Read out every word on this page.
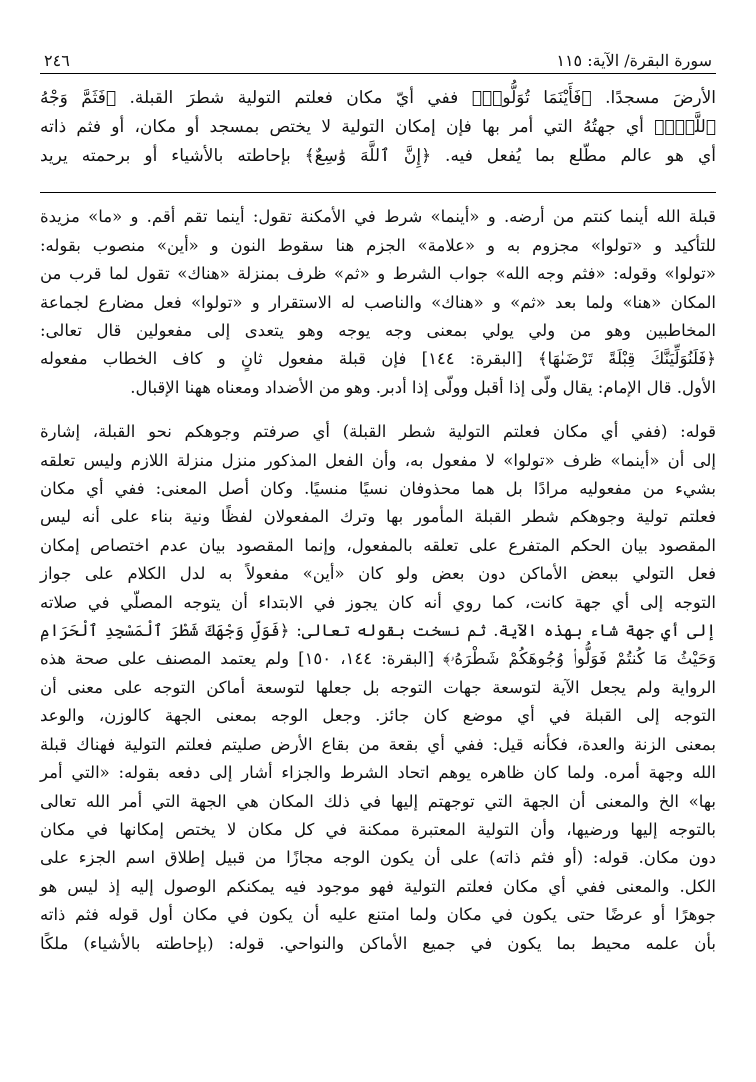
سورة البقرة/ الآية: ١١٥
٢٤٦

الأرضَ مسجدًا. ﴿فَأَيْنَمَا تُوَلُّوا۟﴾ ففي أيّ مكان فعلتم التولية شطرَ القبلة. ﴿فَثَمَّ وَجْهُ

ٱللَّهِۚ﴾ أي جهتُهُ التي أمر بها فإن إمكان التولية لا يختص بمسجد أو مكان، أو فثم ذاته

أي هو عالم مطّلع بما يُفعل فيه. ﴿إِنَّ ٱللَّهَ وَٰسِعٌ﴾ بإحاطته بالأشياء أو برحمته يريد

قبلة الله أينما كنتم من أرضه. و «أينما» شرط في الأمكنة تقول: أينما تقم أقم. و «ما» مزيدة

للتأكيد و «تولوا» مجزوم به و «علامة» الجزم هنا سقوط النون و «أين» منصوب بقوله:

«تولوا» وقوله: «فثم وجه الله» جواب الشرط و «ثم» ظرف بمنزلة «هناك» تقول لما قرب من

المكان «هنا» ولما بعد «ثم» و «هناك» والناصب له الاستقرار و «تولوا» فعل مضارع لجماعة

المخاطبين وهو من ولي يولي بمعنى وجه يوجه وهو يتعدى إلى مفعولين قال تعالى:

﴿فَلَنُوَلِّيَنَّكَ قِبْلَةً تَرْضَىٰهَا﴾ [البقرة: ١٤٤] فإن قبلة مفعول ثانٍ و كاف الخطاب مفعوله

الأول. قال الإمام: يقال ولّى إذا أقبل وولّى إذا أدبر. وهو من الأضداد ومعناه ههنا الإقبال.

قوله: (ففي أي مكان فعلتم التولية شطر القبلة) أي صرفتم وجوهكم نحو القبلة، إشارة

إلى أن «أينما» ظرف «تولوا» لا مفعول به، وأن الفعل المذكور منزل منزلة اللازم وليس تعلقه

بشيء من مفعوليه مرادًا بل هما محذوفان نسيًا منسيًا. وكان أصل المعنى: ففي أي مكان

فعلتم تولية وجوهكم شطر القبلة المأمور بها وترك المفعولان لفظًا ونية بناء على أنه ليس

المقصود بيان الحكم المتفرع على تعلقه بالمفعول، وإنما المقصود بيان عدم اختصاص إمكان

فعل التولي ببعض الأماكن دون بعض ولو كان «أين» مفعولاً به لدل الكلام على جواز

التوجه إلى أي جهة كانت، كما روي أنه كان يجوز في الابتداء أن يتوجه المصلّي في صلاته

إلى أي جهة شاء بهذه الآية. ثم نسخت بقوله تعالى: ﴿فَوَلِّ وَجْهَكَ شَطْرَ ٱلْمَسْجِدِ ٱلْحَرَامِ

وَحَيْثُ مَا كُنتُمْ فَوَلُّوا۟ وُجُوهَكُمْ شَطْرَهُۥ﴾ [البقرة: ١٤٤، ١٥٠] ولم يعتمد المصنف على صحة هذه

الرواية ولم يجعل الآية لتوسعة جهات التوجه بل جعلها لتوسعة أماكن التوجه على معنى أن

التوجه إلى القبلة في أي موضع كان جائز. وجعل الوجه بمعنى الجهة كالوزن، والوعد

بمعنى الزنة والعدة، فكأنه قيل: ففي أي بقعة من بقاع الأرض صليتم فعلتم التولية فهناك قبلة

الله وجهة أمره. ولما كان ظاهره يوهم اتحاد الشرط والجزاء أشار إلى دفعه بقوله: «التي أمر

بها» الخ والمعنى أن الجهة التي توجهتم إليها في ذلك المكان هي الجهة التي أمر الله تعالى

بالتوجه إليها ورضيها، وأن التولية المعتبرة ممكنة في كل مكان لا يختص إمكانها في مكان

دون مكان. قوله: (أو فثم ذاته) على أن يكون الوجه مجازًا من قبيل إطلاق اسم الجزء على

الكل. والمعنى ففي أي مكان فعلتم التولية فهو موجود فيه يمكنكم الوصول إليه إذ ليس هو

جوهرًا أو عرضًا حتى يكون في مكان ولما امتنع عليه أن يكون في مكان أول قوله فثم ذاته

بأن علمه محيط بما يكون في جميع الأماكن والنواحي. قوله: (بإحاطته بالأشياء) ملكًا
